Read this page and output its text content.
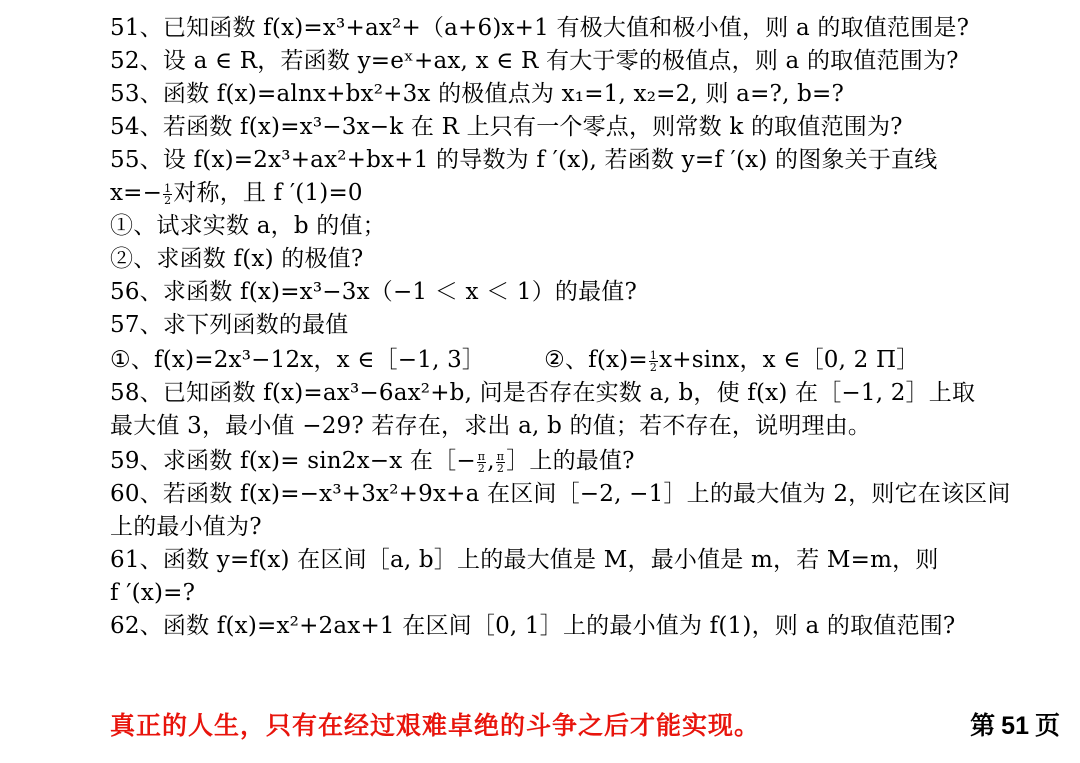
51、已知函数 f(x)=x³+ax²+（a+6)x+1 有极大值和极小值，则 a 的取值范围是?
52、设 a ∈ R，若函数 y=eˣ+ax, x ∈ R 有大于零的极值点，则 a 的取值范围为?
53、函数 f(x)=alnx+bx²+3x 的极值点为 x₁=1, x₂=2, 则 a=?, b=?
54、若函数 f(x)=x³−3x−k 在 R 上只有一个零点，则常数 k 的取值范围为?
55、设 f(x)=2x³+ax²+bx+1 的导数为 f ′(x), 若函数 y=f ′(x) 的图象关于直线
$x=- \frac{1}{2}$ 对称，且 f ′(1)=0
①、试求实数 a，b 的值；
②、求函数 f(x) 的极值?
56、求函数 f(x)=x³−3x（−1 ＜ x ＜ 1）的最值?
57、求下列函数的最值
①、f(x)=2x³−12x，x ∈［−1, 3］	②、$f(x)= \frac{1}{2} x+\sin x$，x ∈［0, 2 Π］
58、已知函数 f(x)=ax³−6ax²+b, 问是否存在实数 a, b，使 f(x) 在［−1, 2］上取
最大值 3，最小值 −29? 若存在，求出 a, b 的值；若不存在，说明理由。
59、求函数 f(x)= sin2x−x 在［− $\frac{\pi}{2}$ , $\frac{\pi}{2}$ ］上的最值?
60、若函数 f(x)=−x³+3x²+9x+a 在区间［−2, −1］上的最大值为 2，则它在该区间
上的最小值为?
61、函数 y=f(x) 在区间［a, b］上的最大值是 M，最小值是 m，若 M=m，则
f ′(x)=?
62、函数 f(x)=x²+2ax+1 在区间［0, 1］上的最小值为 f(1)，则 a 的取值范围?
真正的人生，只有在经过艰难卓绝的斗争之后才能实现。	第 51 页
